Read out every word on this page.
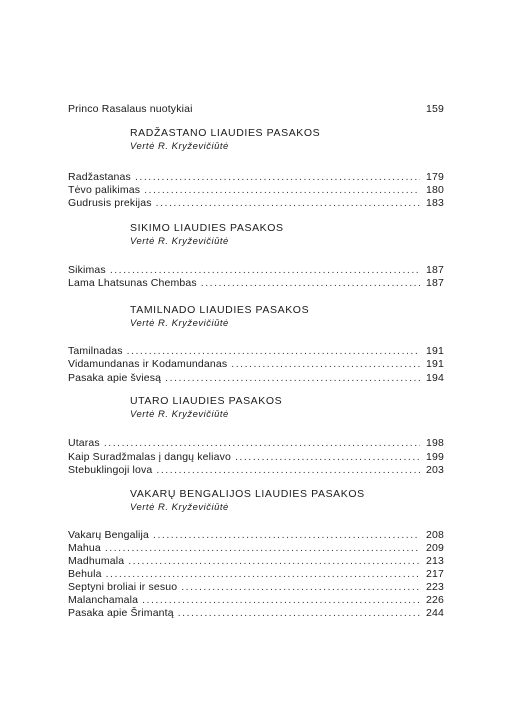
Prinсo Rasalaus nuotykiai	159
RADŽASTANO LIAUDIES PASAKOS
Vertė R. Kryževičiūtė
Radžastanas . . .	179
Tėvo palikimas . . .	180
Gudrusis prekijas . . .	183
SIKIMO LIAUDIES PASAKOS
Vertė R. Kryževičiūtė
Sikimas . . .	187
Lama Lhatsunas Chembas . . .	187
TAMILNADO LIAUDIES PASAKOS
Vertė R. Kryževičiūtė
Tamilnadas . . .	191
Vidamundanas ir Kodamundanas . . .	191
Pasaka apie šviesą . . .	194
UTARO LIAUDIES PASAKOS
Vertė R. Kryževičiūtė
Utaras . . .	198
Kaip Suradžmalas į dangų keliavo . . .	199
Stebuklingoji lova . . .	203
VAKARŲ BENGALIJOS LIAUDIES PASAKOS
Vertė R. Kryževičiūtė
Vakarų Bengalija . . .	208
Mahua . . .	209
Madhumala . . .	213
Behula . . .	217
Septyni broliai ir sesuo . . .	223
Malanchamala . . .	226
Pasaka apie Šrimantą . . .	244
